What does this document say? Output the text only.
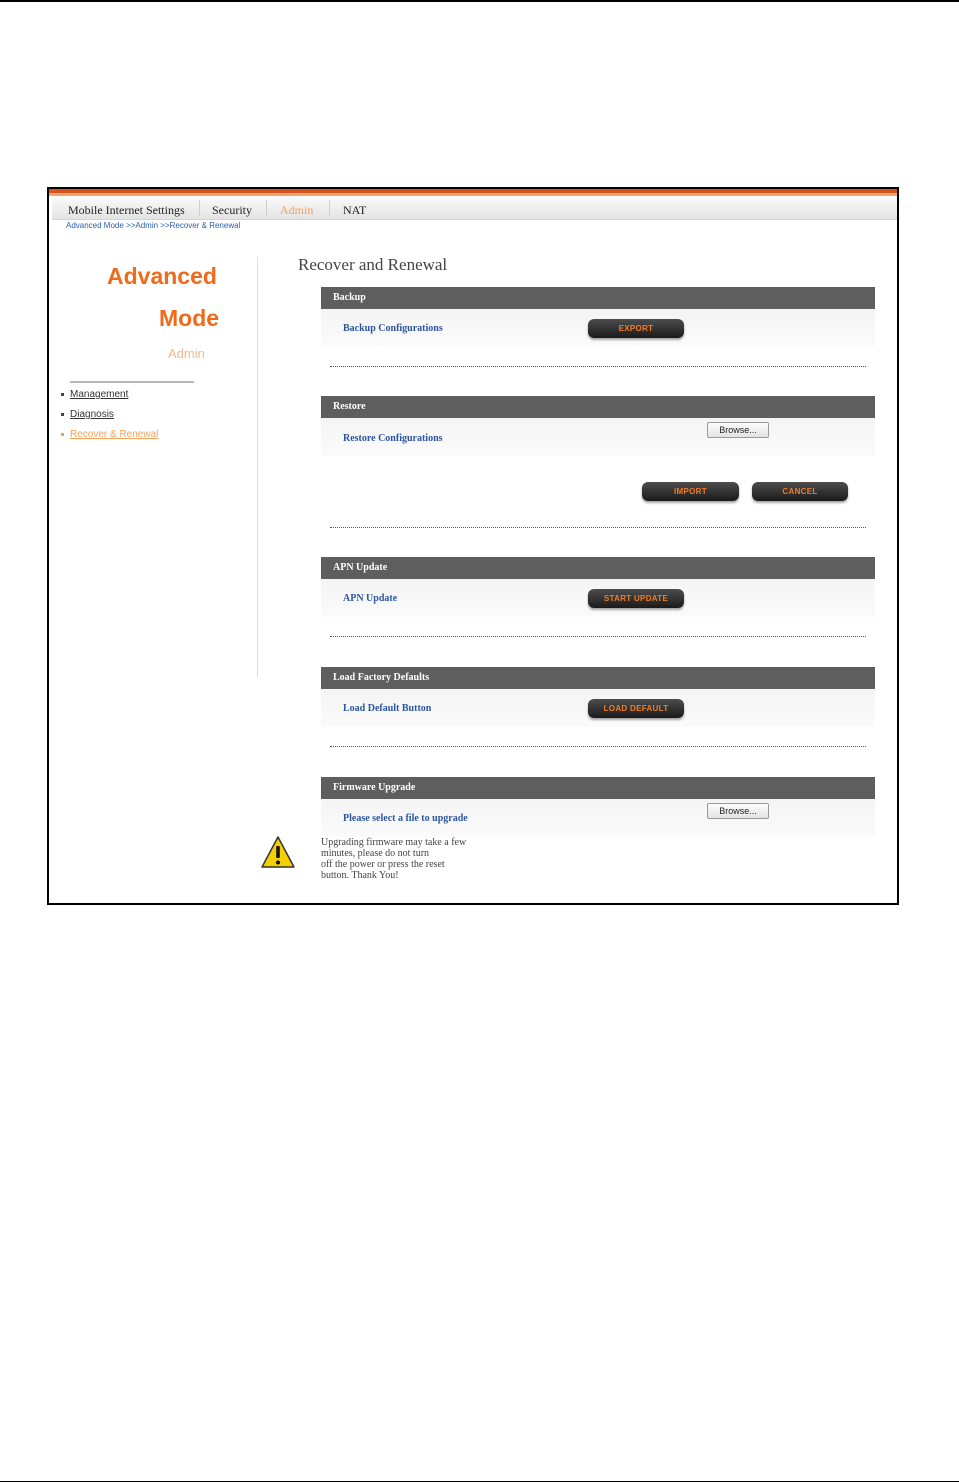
Mobile Internet Settings Security Admin NAT
Advanced Mode >>Admin >>Recover & Renewal
Advanced
Mode
Admin
Management
Diagnosis
Recover & Renewal
Recover and Renewal
Backup
Backup Configurations	EXPORT
Restore
Restore Configurations
Browse...
IMPORT	CANCEL
APN Update
APN Update	START UPDATE
Load Factory Defaults
Load Default Button	LOAD DEFAULT
Firmware Upgrade
Please select a file to upgrade
Browse...
Upgrading firmware may take a few
minutes, please do not turn
off the power or press the reset
button. Thank You!
